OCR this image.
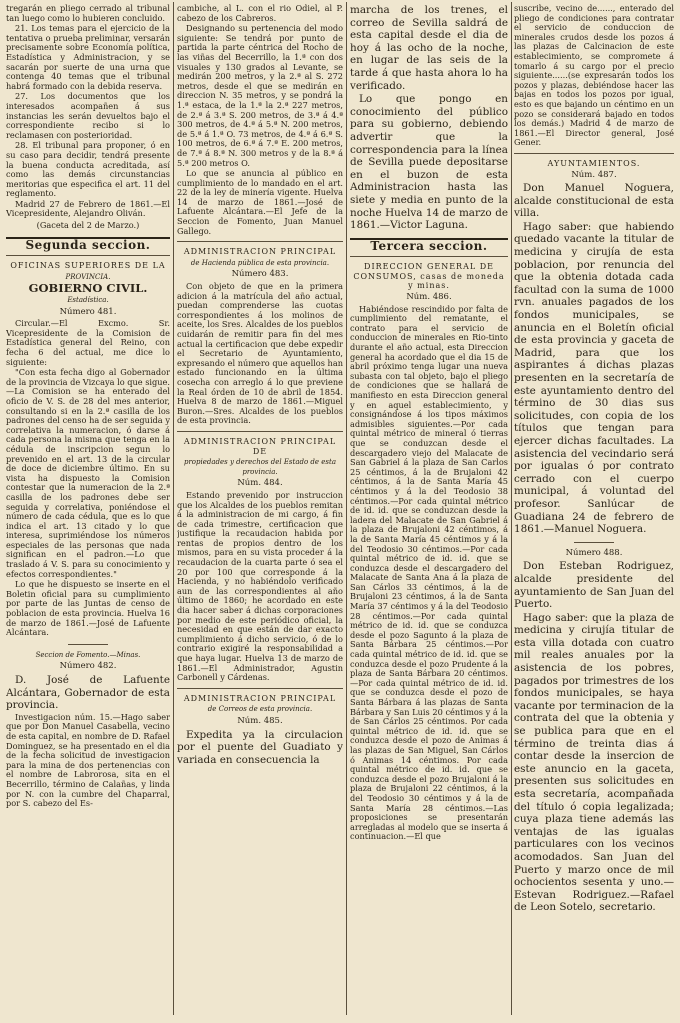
tregarán en pliego cerrado al tribunal tan luego como lo hubieren concluido.

21. Los temas para el ejercicio de la tentativa o prueba preliminar, versarán precisamente sobre Economía política, Estadística y Administracion, y se sacarán por suerte de una urna que contenga 40 temas que el tribunal habrá formado con la debida reserva.

27. Los documentos que los interesados acompañen á sus instancias les serán devueltos bajo el correspondiente recibo si lo reclamasen con posterioridad.

28. El tribunal para proponer, ó en su caso para decidir, tendrá presente la buena conducta acreditada, así como las demás circunstancias meritorias que especifica el art. 11 del reglamento.

Madrid 27 de Febrero de 1861.—El Vicepresidente, Alejandro Oliván.

(Gaceta del 2 de Marzo.)
Segunda seccion.
OFICINAS SUPERIORES DE LA
PROVINCIA.
GOBIERNO CIVIL.
Estadística.
Número 481.

Circular.—El Excmo. Sr. Vicepresidente de la Comision de Estadística general del Reino, con fecha 6 del actual, me dice lo siguiente:

"Con esta fecha digo al Gobernador de la provincia de Vizcaya lo que sigue.—La Comision se ha enterado del oficio de V. S. de 28 del mes anterior, consultando si en la 2.ª casilla de los padrones del censo ha de ser seguida y correlativa la numeracion, ó darse á cada persona la misma que tenga en la cédula de inscripcion segun lo prevenido en el art. 13 de la circular de doce de diciembre último. En su vista ha dispuesto la Comision contestar que la numeracion de la 2.ª casilla de los padrones debe ser seguida y correlativa, poniéndose el número de cada cédula, que es lo que indica el art. 13 citado y lo que interesa, suprimiéndose los números especiales de las personas que nada significan en el padron.—Lo que traslado á V. S. para su conocimiento y efectos correspondientes."

Lo que he dispuesto se inserte en el Boletin oficial para su cumplimiento por parte de las Juntas de censo de poblacion de esta provincia. Huelva 16 de marzo de 1861.—José de Lafuente Alcántara.

Seccion de Fomento.—Minas.
Número 482.

D. José de Lafuente Alcántara, Gobernador de esta provincia.

Investigacion núm. 15.—Hago saber que por Don Manuel Casabella, vecino de esta capital, en nombre de D. Rafael Dominguez, se ha presentado en el dia de la fecha solicitud de investigacion para la mina de dos pertenencias con el nombre de Labrorosa, sita en el Becerrillo, término de Calañas, y linda por N. con la cumbre del Chaparral, por S. cabezo del Es-

cambiche, al L. con el rio Odiel, al P. cabezo de los Cabreros.

Designando su pertenencia del modo siguiente: Se tendrá por punto de partida la parte céntrica del Rocho de las viñas del Becerrillo, la 1.ª con dos visuales y 130 grados al Levante, se medirán 200 metros, y la 2.ª al S. 272 metros, desde el que se medirán en direccion N. 35 metros, y se pondrá la 1.ª estaca, de la 1.ª la 2.ª 227 metros, de 2.ª á 3.ª S. 200 metros, de 3.ª á 4.ª 300 metros, de 4.ª á 5.ª N. 200 metros, de 5.ª á 1.ª O. 73 metros, de 4.ª á 6.ª S. 100 metros, de 6.ª á 7.ª E. 200 metros, de 7.ª á 8.ª N. 300 metros y de la 8.ª á 5.ª 200 metros O.

Lo que se anuncia al público en cumplimiento de lo mandado en el art. 22 de la ley de minería vigente. Huelva 14 de marzo de 1861.—José de Lafuente Alcántara.—El Jefe de la Seccion de Fomento, Juan Manuel Gallego.

ADMINISTRACION PRINCIPAL
de Hacienda pública de esta provincia.
Número 483.

Con objeto de que en la primera adicion á la matrícula del año actual, puedan comprenderse las cuotas correspondientes á los molinos de aceite, los Sres. Alcaldes de los pueblos cuidarán de remitir para fin del mes actual la certificacion que debe expedir el Secretario de Ayuntamiento, expresando el número que aquellos han estado funcionando en la última cosecha con arreglo á lo que previene la Real órden de 10 de abril de 1854. Huelva 8 de marzo de 1861.—Miguel Buron.—Sres. Alcaldes de los pueblos de esta provincia.

ADMINISTRACION PRINCIPAL DE
propiedades y derechos del Estado de esta provincia.
Núm. 484.

Estando prevenido por instruccion que los Alcaldes de los pueblos remitan á la administracion de mi cargo, á fin de cada trimestre, certificacion que justifique la recaudacion habida por rentas de propios dentro de los mismos, para en su vista proceder á la recaudacion de la cuarta parte ó sea el 20 por 100 que corresponde á la Hacienda, y no habiéndolo verificado aun de las correspondientes al año último de 1860; he acordado en este dia hacer saber á dichas corporaciones por medio de este periódico oficial, la necesidad en que están de dar exacto cumplimiento á dicho servicio, ó de lo contrario exigiré la responsabilidad a que haya lugar. Huelva 13 de marzo de 1861.—El Administrador, Agustin Carbonell y Cárdenas.

ADMINISTRACION PRINCIPAL
de Correos de esta provincia.
Núm. 485.

Expedita ya la circulacion por el puente del Guadiato y variada en consecuencia la

marcha de los trenes, el correo de Sevilla saldrá de esta capital desde el dia de hoy á las ocho de la noche, en lugar de las seis de la tarde á que hasta ahora lo ha verificado.

Lo que pongo en conocimiento del público para su gobierno, debiendo advertir que la correspondencia para la línea de Sevilla puede depositarse en el buzon de esta Administracion hasta las siete y media en punto de la noche Huelva 14 de marzo de 1861.—Victor Laguna.

Tercera seccion.
DIRECCION GENERAL DE CONSUMOS, casas de moneda y minas.
Núm. 486.

Habiéndose rescindido por falta de cumplimiento del rematante, el contrato para el servicio de conduccion de minerales en Rio-tinto durante el año actual, esta Direccion general ha acordado que el dia 15 de abril próximo tenga lugar una nueva subasta con tal objeto, bajo el pliego de condiciones que se hallará de manifiesto en esta Direccion general y en aquel establecimiento, y consignándose á los tipos máximos admisibles siguientes.—Por cada quintal métrico de mineral ó tierras que se conduzcan desde el descargadero viejo del Malacate de San Gabriel á la plaza de San Carlos 25 céntimos, á la de Brujaloni 42 céntimos, á la de Santa María 45 céntimos y á la del Teodosio 38 céntimos.—Por cada quintal métrico de id. id. que se conduzcan desde la ladera del Malacate de San Gabriel á la plaza de Brujaloni 42 céntimos, á la de Santa María 45 céntimos y á la del Teodosio 30 céntimos.—Por cada quintal métrico de id. id. que se conduzca desde el descargadero del Malacate de Santa Ana á la plaza de San Cárlos 33 céntimos, á la de Brujaloni 23 céntimos, á la de Santa María 37 céntimos y á la del Teodosio 28 céntimos.—Por cada quintal métrico de id. id. que se conduzca desde el pozo Sagunto á la plaza de Santa Bárbara 25 céntimos.—Por cada quintal métrico de id. id. que se conduzca desde el pozo Prudente á la plaza de Santa Bárbara 20 céntimos.—Por cada quintal métrico de id. id. que se conduzca desde el pozo de Santa Bárbara á las plazas de Santa Bárbara y San Luis 20 céntimos y á la de San Cárlos 25 céntimos. Por cada quintal métrico de id. id. que se conduzca desde el pozo de Animas á las plazas de San Miguel, San Cárlos ó Animas 14 céntimos. Por cada quintal métrico de id. id. que se conduzca desde el pozo Brujaloni á la plaza de Brujaloni 22 céntimos, á la del Teodosio 30 céntimos y á la de Santa María 28 céntimos.—Las proposiciones se presentarán arregladas al modelo que se inserta á continuacion.—El que

suscribe, vecino de......, enterado del pliego de condiciones para contratar el servicio de conduccion de minerales crudos desde los pozos á las plazas de Calcinacion de este establecimiento, se compromete á tomarlo á su cargo por el precio siguiente......(se expresarán todos los pozos y plazas, debiéndose hacer las bajas en todos los pozos por igual, esto es que bajando un céntimo en un pozo se considerará bajado en todos los demás.) Madrid 4 de marzo de 1861.—El Director general, José Gener.

AYUNTAMIENTOS.
Núm. 487.

Don Manuel Noguera, alcalde constitucional de esta villa.

Hago saber: que habiendo quedado vacante la titular de medicina y cirujía de esta poblacion, por renuncia del que la obtenia dotada cada facultad con la suma de 1000 rvn. anuales pagados de los fondos municipales, se anuncia en el Boletín oficial de esta provincia y gaceta de Madrid, para que los aspirantes á dichas plazas presenten en la secretaría de este ayuntamiento dentro del término de 30 dias sus solicitudes, con copia de los títulos que tengan para ejercer dichas facultades. La asistencia del vecindario será por igualas ó por contrato cerrado con el cuerpo municipal, á voluntad del profesor. Sanlúcar de Guadiana 24 de febrero de 1861.—Manuel Noguera.

Número 488.

Don Esteban Rodriguez, alcalde presidente del ayuntamiento de San Juan del Puerto.

Hago saber: que la plaza de medicina y cirujía titular de esta villa dotada con cuatro mil reales anuales por la asistencia de los pobres, pagados por trimestres de los fondos municipales, se haya vacante por terminacion de la contrata del que la obtenia y se publica para que en el término de treinta dias á contar desde la insercion de este anuncio en la gaceta, presenten sus solicitudes en esta secretaría, acompañada del título ó copia legalizada; cuya plaza tiene además las ventajas de las igualas particulares con los vecinos acomodados. San Juan del Puerto y marzo once de mil ochocientos sesenta y uno.—Estevan Rodriguez.—Rafael de Leon Sotelo, secretario.
